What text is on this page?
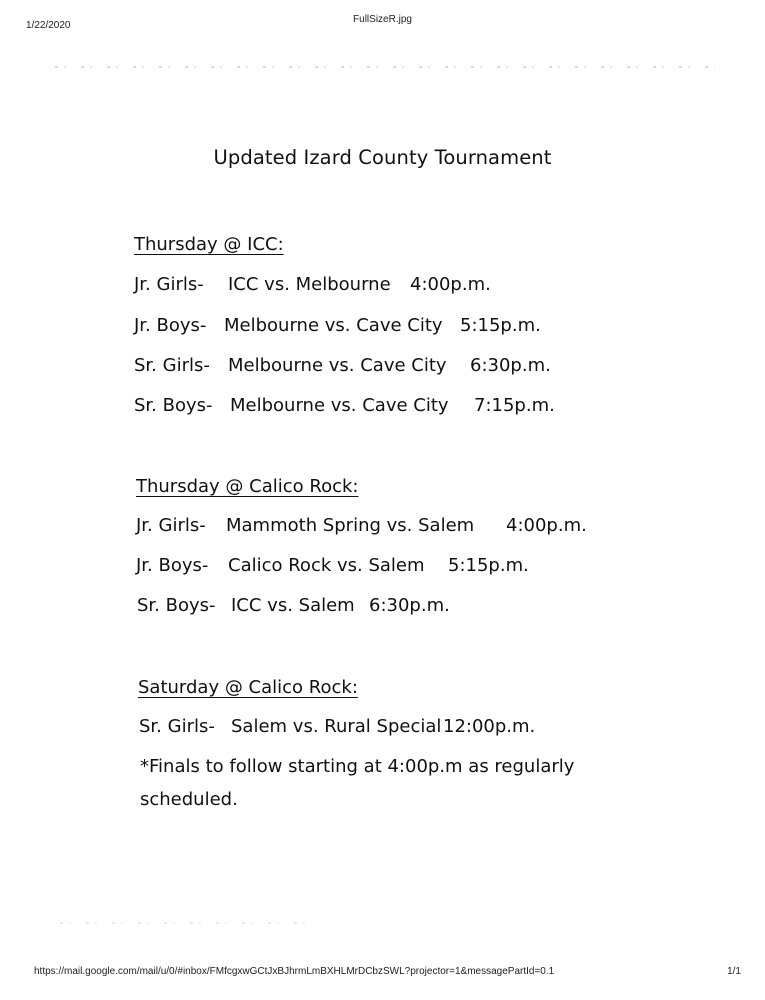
1/22/2020
FullSizeR.jpg
Updated Izard County Tournament
Thursday @ ICC:
Jr. Girls- ICC vs. Melbourne 4:00p.m.
Jr. Boys- Melbourne vs. Cave City 5:15p.m.
Sr. Girls- Melbourne vs. Cave City 6:30p.m.
Sr. Boys- Melbourne vs. Cave City 7:15p.m.
Thursday @ Calico Rock:
Jr. Girls- Mammoth Spring vs. Salem 4:00p.m.
Jr. Boys- Calico Rock vs. Salem 5:15p.m.
Sr. Boys- ICC vs. Salem 6:30p.m.
Saturday @ Calico Rock:
Sr. Girls- Salem vs. Rural Special12:00p.m.
*Finals to follow starting at 4:00p.m as regularly
scheduled.
https://mail.google.com/mail/u/0/#inbox/FMfcgxwGCtJxBJhrmLmBXHLMrDCbzSWL?projector=1&messagePartId=0.1	1/1
